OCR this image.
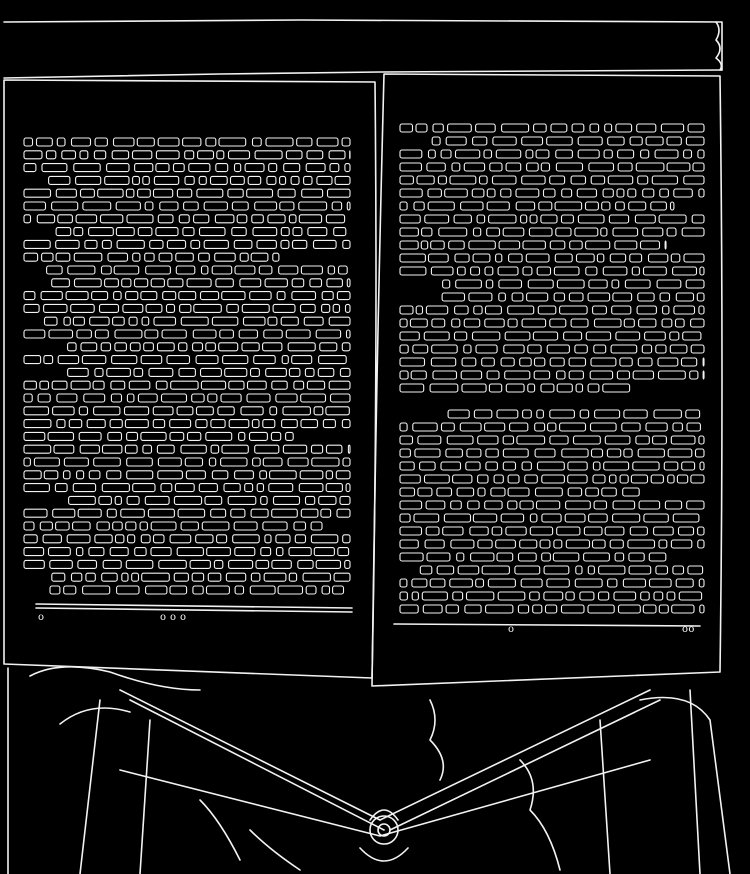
o	o o o
o	oo
